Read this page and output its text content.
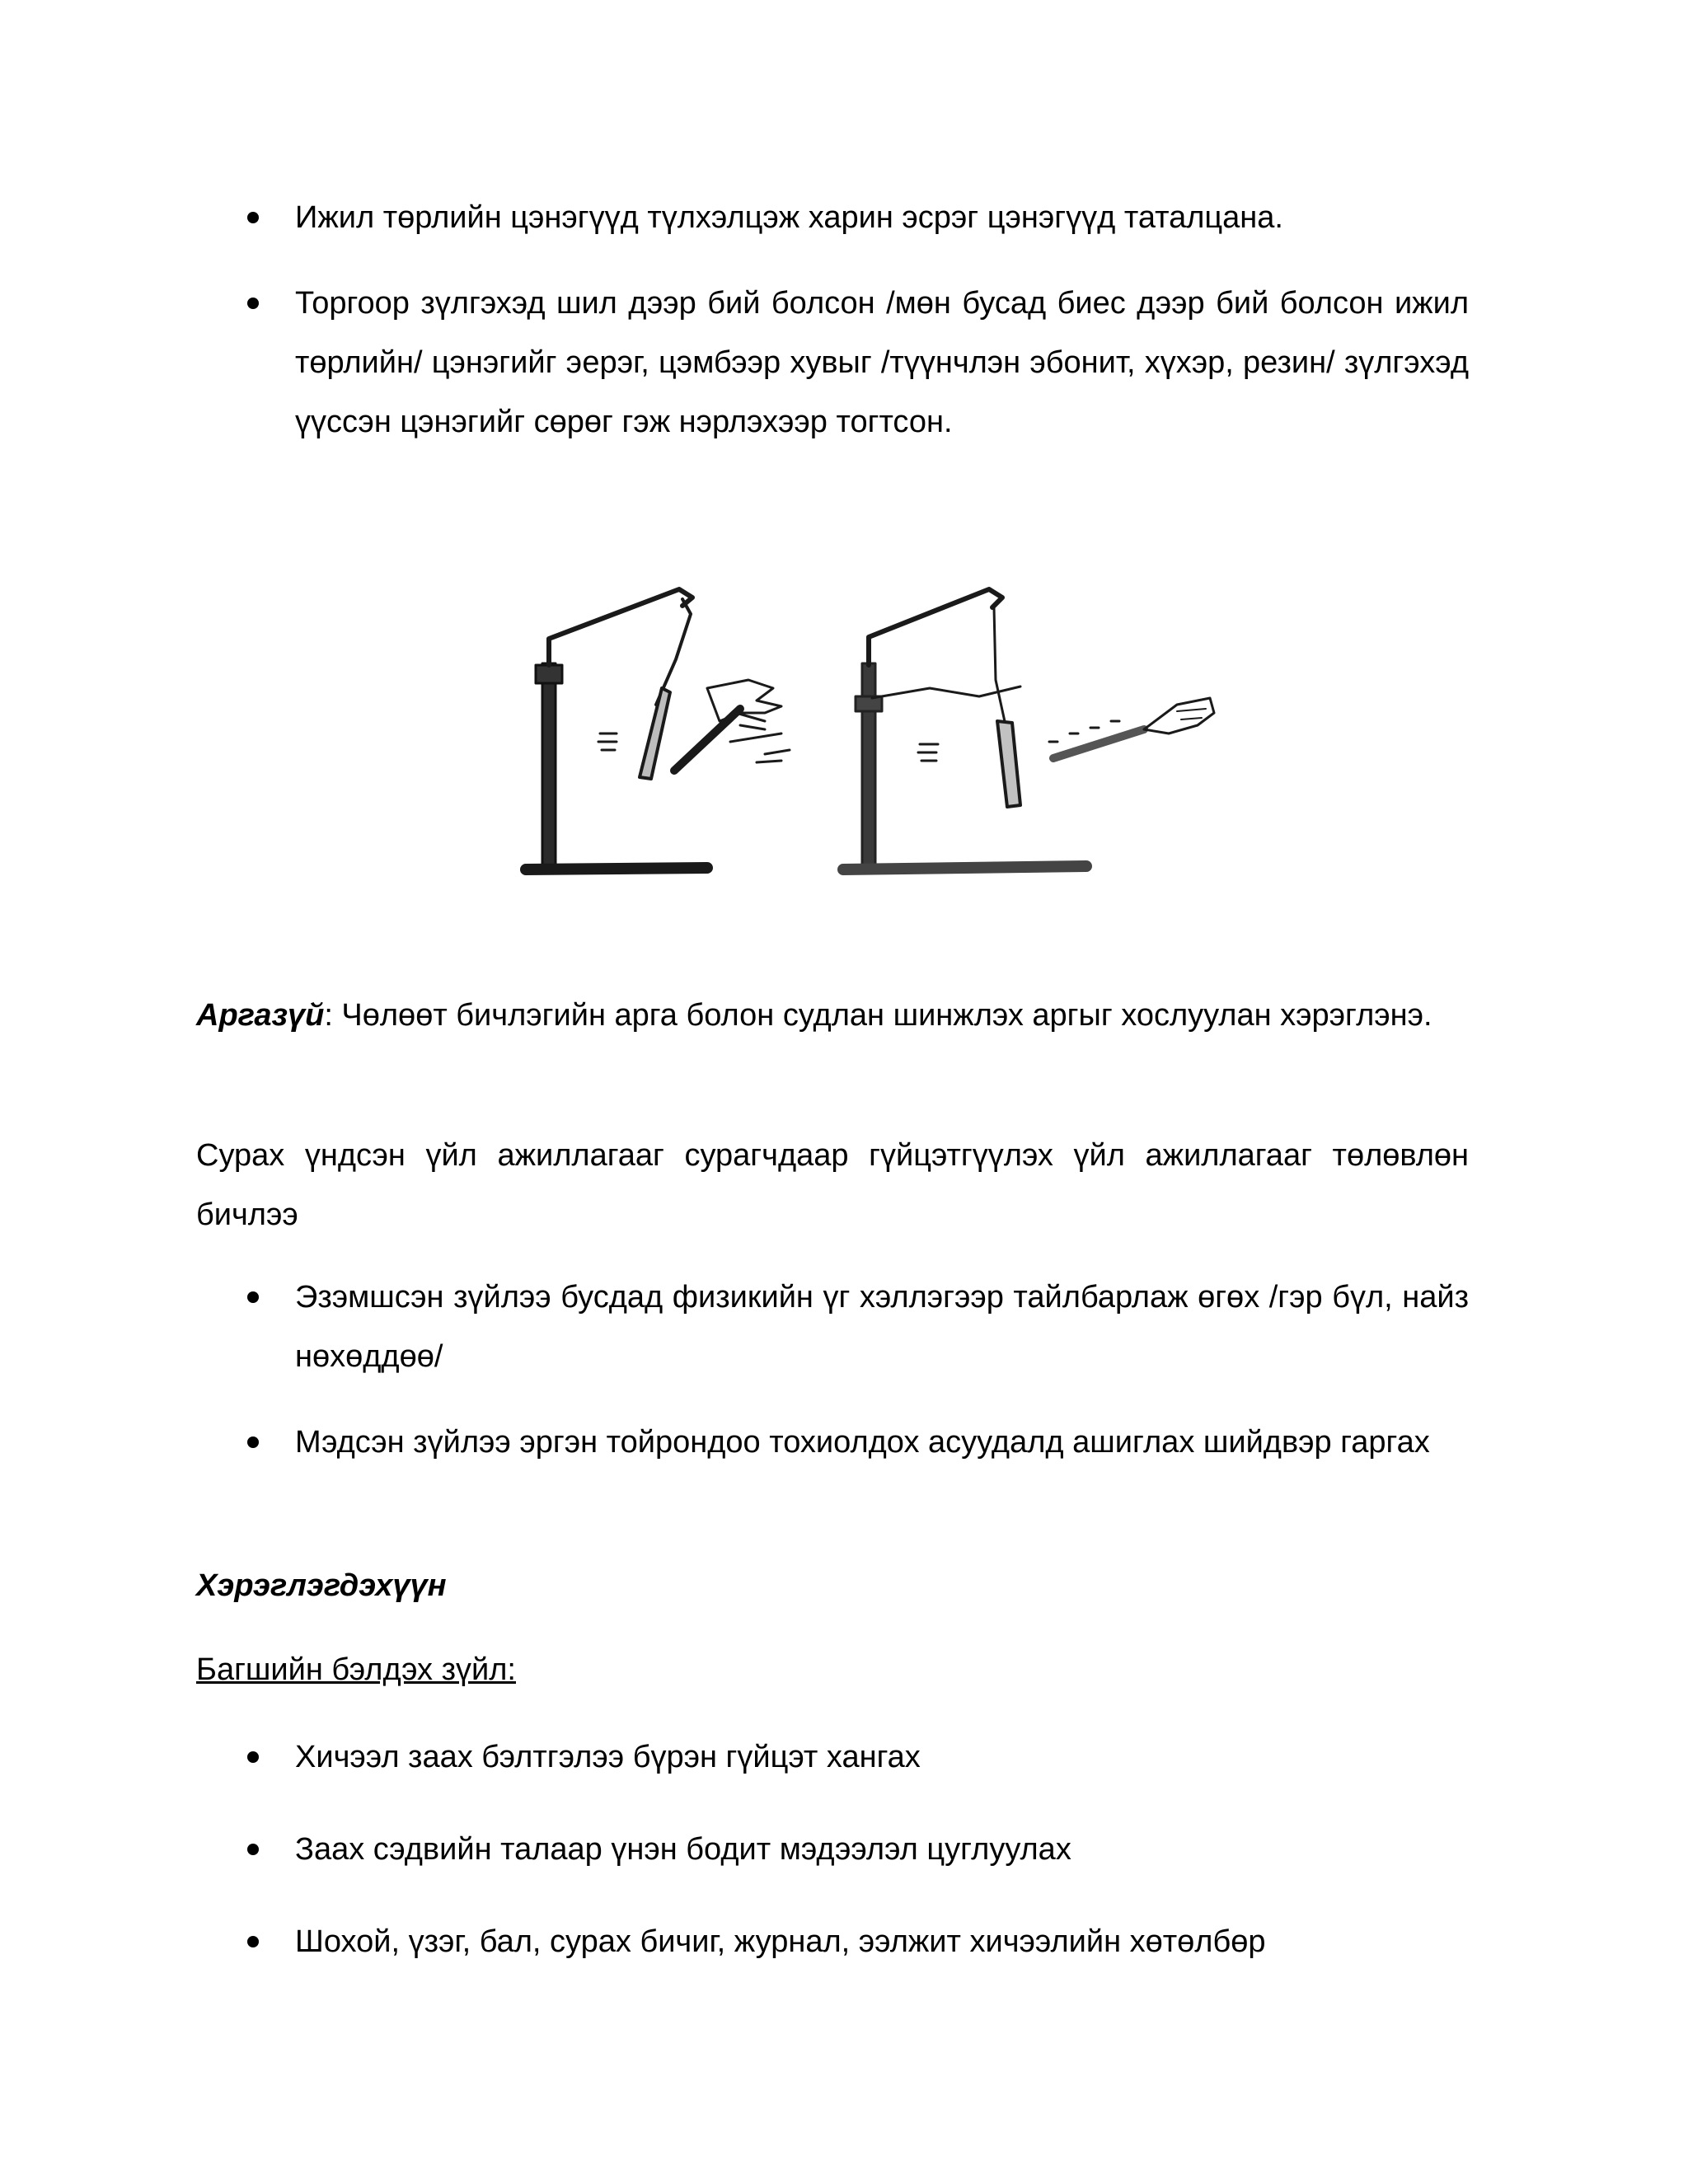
Ижил төрлийн цэнэгүүд түлхэлцэж харин эсрэг цэнэгүүд таталцана.

Торгоор зүлгэхэд шил дээр бий болсон /мөн бусад биес дээр бий болсон ижил төрлийн/ цэнэгийг эерэг, цэмбээр хувыг /түүнчлэн эбонит, хүхэр, резин/ зүлгэхэд үүссэн цэнэгийг сөрөг гэж нэрлэхээр тогтсон.

Аргазүй: Чөлөөт бичлэгийн арга болон судлан шинжлэх аргыг хослуулан хэрэглэнэ.

Сурах үндсэн үйл ажиллагааг сурагчдаар гүйцэтгүүлэх үйл ажиллагааг төлөвлөн бичлээ

Эзэмшсэн зүйлээ бусдад физикийн үг хэллэгээр тайлбарлаж өгөх /гэр бүл, найз нөхөддөө/

Мэдсэн зүйлээ эргэн тойрондоо тохиолдох асуудалд ашиглах шийдвэр гаргах

Хэрэглэгдэхүүн

Багшийн бэлдэх зүйл:

Хичээл заах бэлтгэлээ бүрэн гүйцэт хангах

Заах сэдвийн талаар үнэн бодит мэдээлэл цуглуулах

Шохой, үзэг, бал, сурах бичиг, журнал, ээлжит хичээлийн хөтөлбөр
